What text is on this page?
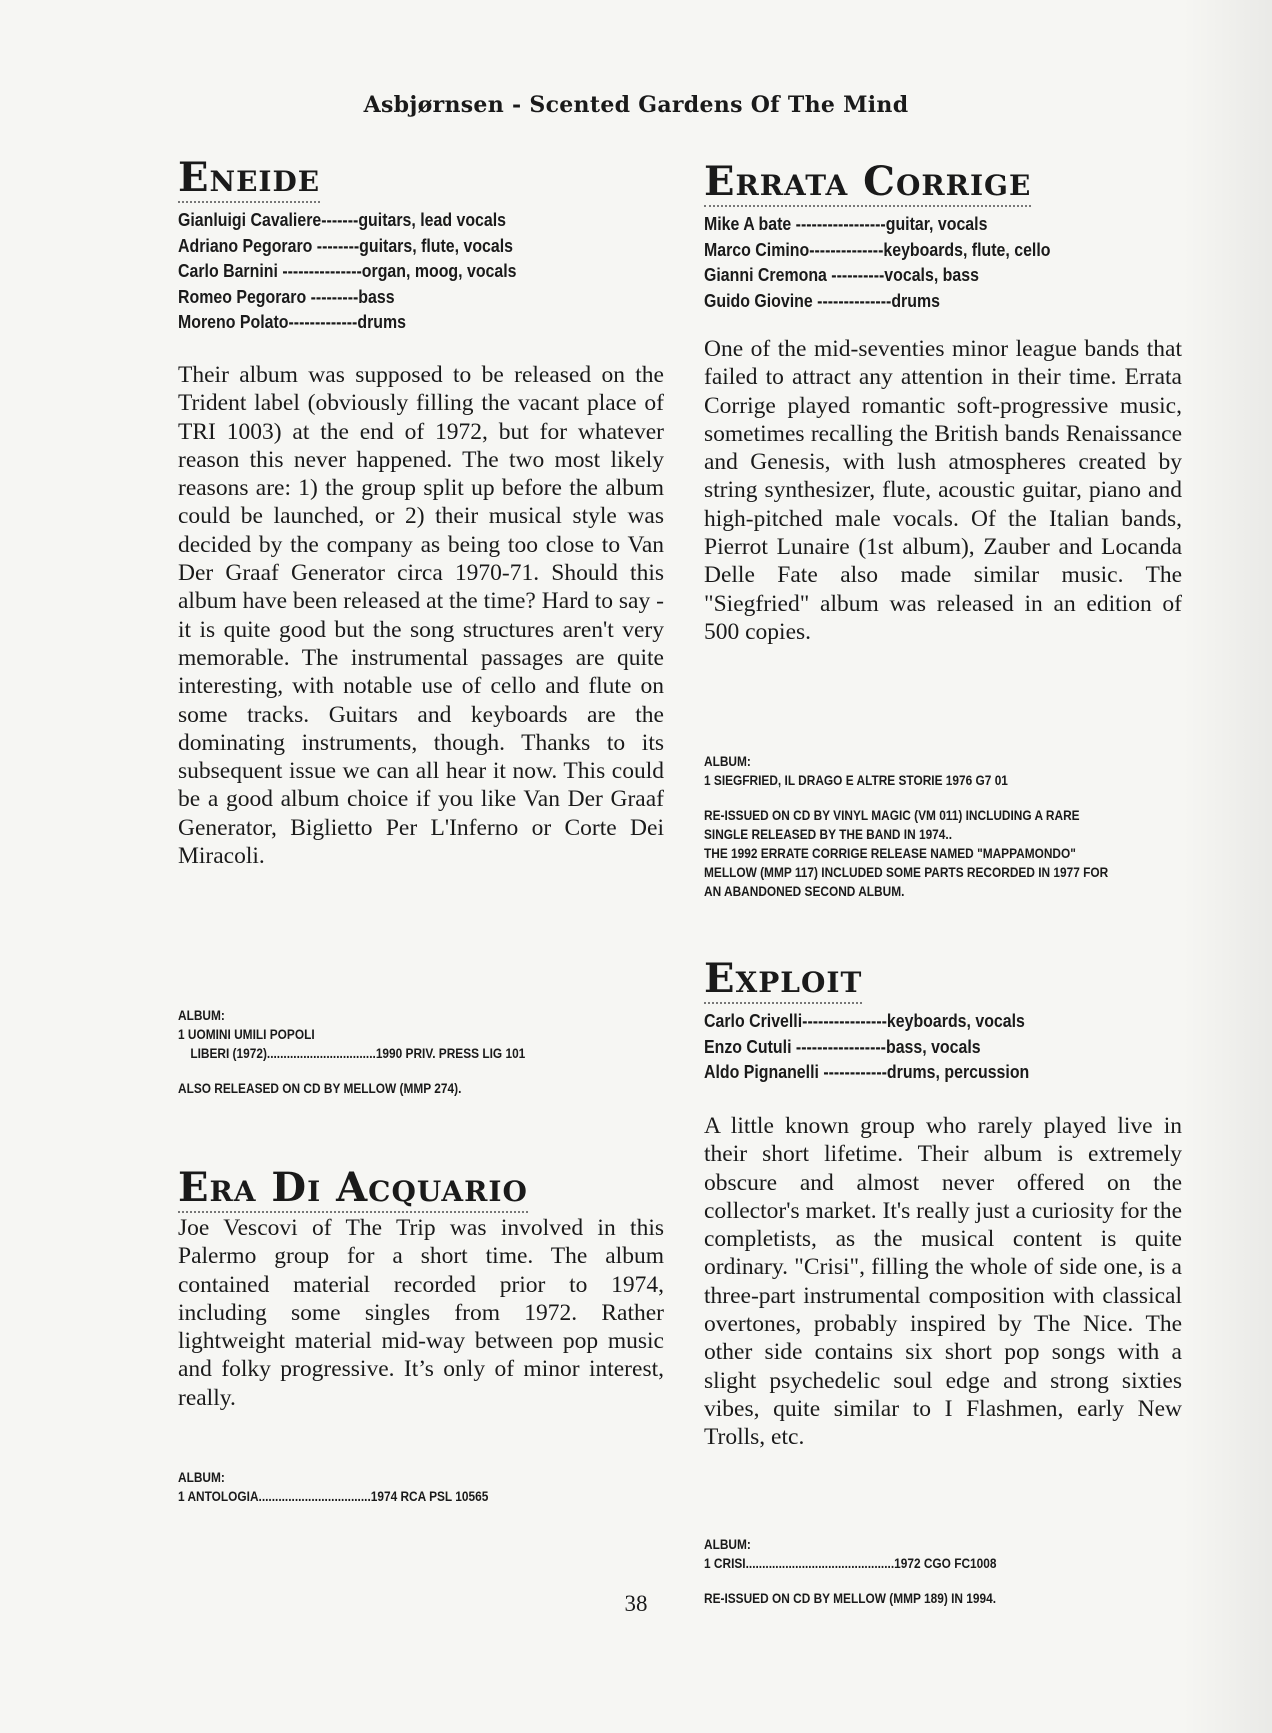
Asbjørnsen - Scented Gardens Of The Mind
Eneide
Gianluigi Cavaliere-------guitars, lead vocals
Adriano Pegoraro --------guitars, flute, vocals
Carlo Barnini ---------------organ, moog, vocals
Romeo Pegoraro ---------bass
Moreno Polato-------------drums

Their album was supposed to be released on the Trident label (obviously filling the vacant place of TRI 1003) at the end of 1972, but for whatever reason this never happened. The two most likely reasons are: 1) the group split up before the album could be launched, or 2) their musical style was decided by the company as being too close to Van Der Graaf Generator circa 1970-71. Should this album have been released at the time? Hard to say - it is quite good but the song structures aren't very memorable. The instrumental passages are quite interesting, with notable use of cello and flute on some tracks. Guitars and keyboards are the dominating instruments, though. Thanks to its subsequent issue we can all hear it now. This could be a good album choice if you like Van Der Graaf Generator, Biglietto Per L'Inferno or Corte Dei Miracoli.

ALBUM:
1 UOMINI UMILI POPOLI
LIBERI (1972).................................1990 PRIV. PRESS LIG 101
ALSO RELEASED ON CD BY MELLOW (MMP 274).
Era Di Acquario

Joe Vescovi of The Trip was involved in this Palermo group for a short time. The album contained material recorded prior to 1974, including some singles from 1972. Rather lightweight material mid-way between pop music and folky progressive. It’s only of minor interest, really.

ALBUM:
1 ANTOLOGIA..................................1974 RCA PSL 10565
Errata Corrige
Mike A bate -----------------guitar, vocals
Marco Cimino--------------keyboards, flute, cello
Gianni Cremona ----------vocals, bass
Guido Giovine --------------drums

One of the mid-seventies minor league bands that failed to attract any attention in their time. Errata Corrige played romantic soft-progressive music, sometimes recalling the British bands Renaissance and Genesis, with lush atmospheres created by string synthesizer, flute, acoustic guitar, piano and high-pitched male vocals. Of the Italian bands, Pierrot Lunaire (1st album), Zauber and Locanda Delle Fate also made similar music. The "Siegfried" album was released in an edition of 500 copies.

ALBUM:
1 SIEGFRIED, IL DRAGO E ALTRE STORIE 1976 G7 01
RE-ISSUED ON CD BY VINYL MAGIC (VM 011) INCLUDING A RARE
SINGLE RELEASED BY THE BAND IN 1974..
THE 1992 ERRATE CORRIGE RELEASE NAMED "MAPPAMONDO"
MELLOW (MMP 117) INCLUDED SOME PARTS RECORDED IN 1977 FOR
AN ABANDONED SECOND ALBUM.
Exploit
Carlo Crivelli----------------keyboards, vocals
Enzo Cutuli -----------------bass, vocals
Aldo Pignanelli ------------drums, percussion

A little known group who rarely played live in their short lifetime. Their album is extremely obscure and almost never offered on the collector's market. It's really just a curiosity for the completists, as the musical content is quite ordinary. "Crisi", filling the whole of side one, is a three-part instrumental composition with classical overtones, probably inspired by The Nice. The other side contains six short pop songs with a slight psychedelic soul edge and strong sixties vibes, quite similar to I Flashmen, early New Trolls, etc.

ALBUM:
1 CRISI.............................................1972 CGO FC1008
RE-ISSUED ON CD BY MELLOW (MMP 189) IN 1994.
38
